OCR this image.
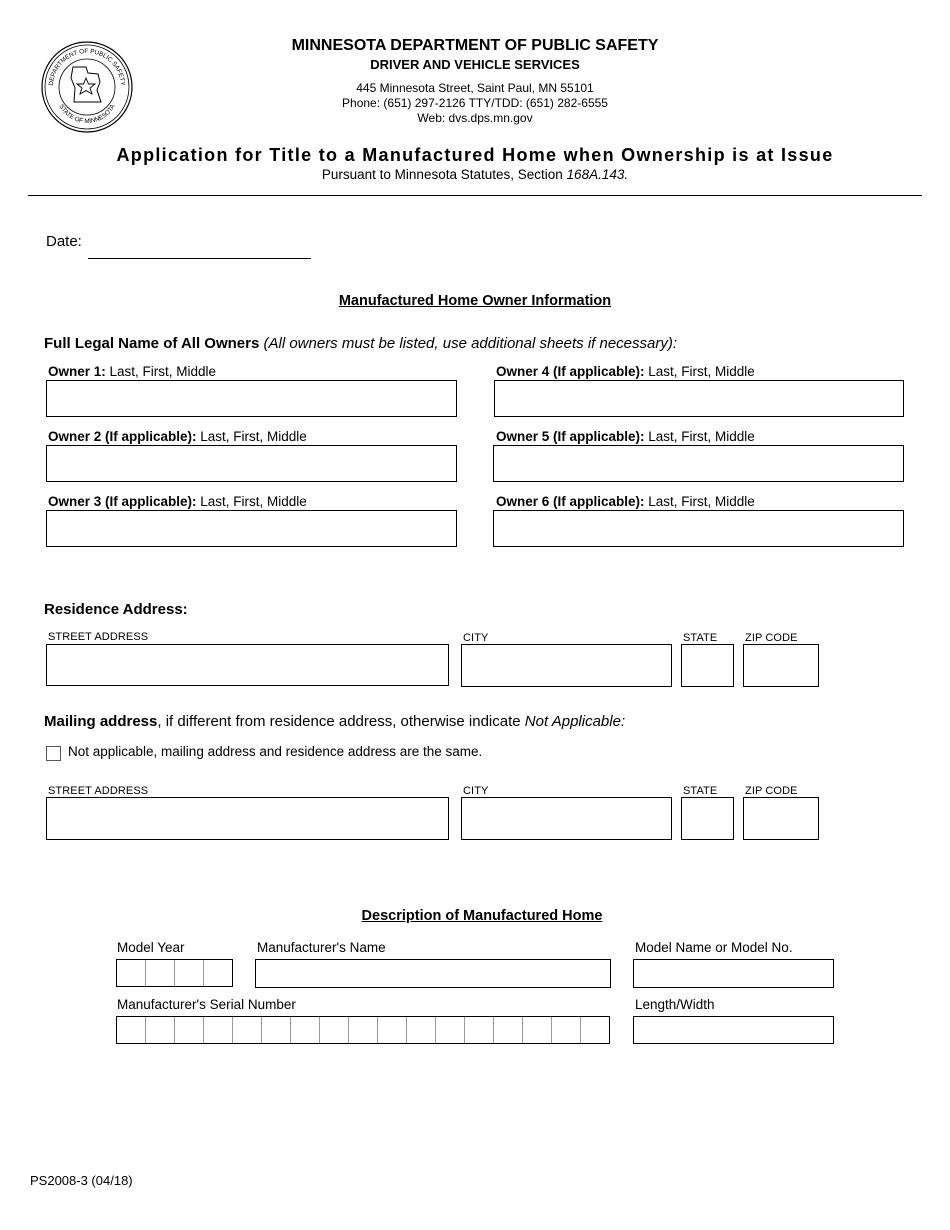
DEPARTMENT OF PUBLIC SAFETY
STATE OF MINNESOTA
MINNESOTA DEPARTMENT OF PUBLIC SAFETY
DRIVER AND VEHICLE SERVICES
445 Minnesota Street, Saint Paul, MN 55101
Phone: (651) 297-2126 TTY/TDD: (651) 282-6555
Web: dvs.dps.mn.gov
Application for Title to a Manufactured Home when Ownership is at Issue
Pursuant to Minnesota Statutes, Section 168A.143.
Date:
Manufactured Home Owner Information
Full Legal Name of All Owners (All owners must be listed, use additional sheets if necessary):
Owner 1: Last, First, Middle
Owner 2 (If applicable): Last, First, Middle
Owner 3 (If applicable): Last, First, Middle
Owner 4 (If applicable): Last, First, Middle
Owner 5 (If applicable): Last, First, Middle
Owner 6 (If applicable): Last, First, Middle
Residence Address:
STREET ADDRESS	CITY	STATE	ZIP CODE
Mailing address, if different from residence address, otherwise indicate Not Applicable:
Not applicable, mailing address and residence address are the same.
STREET ADDRESS	CITY	STATE	ZIP CODE
Description of Manufactured Home
Model Year	Manufacturer's Name	Model Name or Model No.
Manufacturer's Serial Number	Length/Width
PS2008-3 (04/18)
